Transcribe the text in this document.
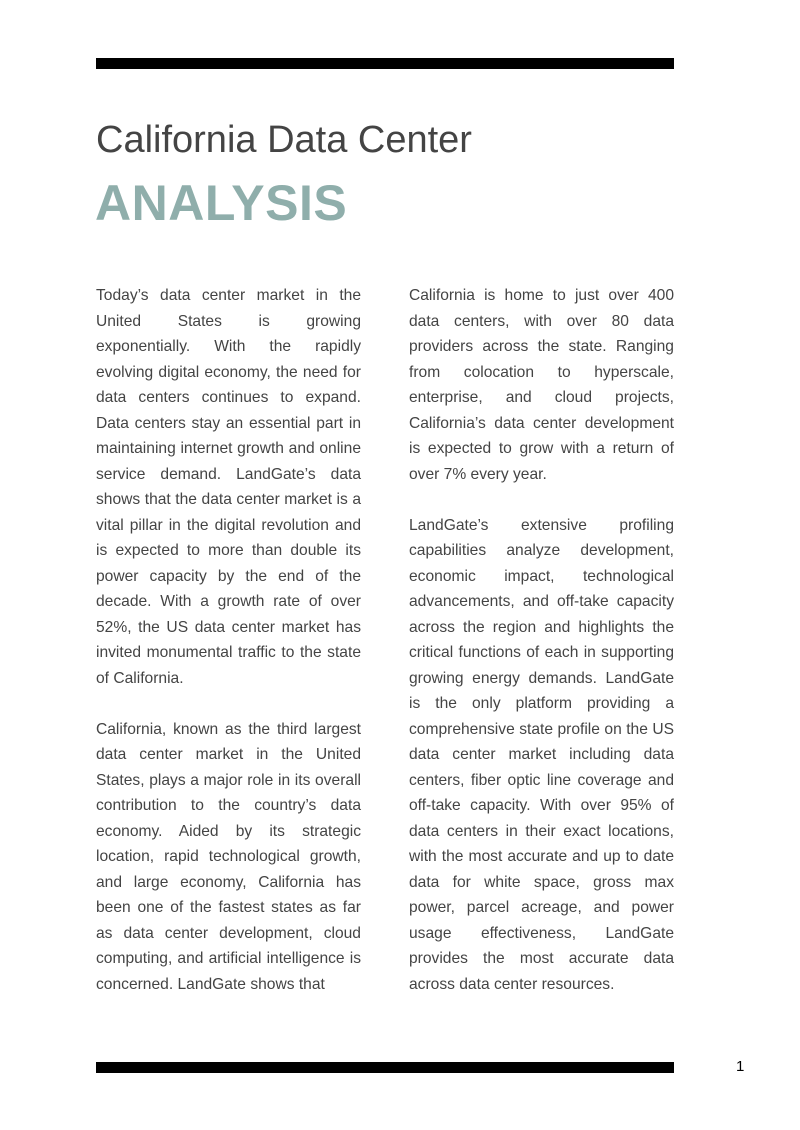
California Data Center
ANALYSIS

Today’s data center market in the United States is growing exponentially. With the rapidly evolving digital economy, the need for data centers continues to expand. Data centers stay an essential part in maintaining internet growth and online service demand. LandGate’s data shows that the data center market is a vital pillar in the digital revolution and is expected to more than double its power capacity by the end of the decade. With a growth rate of over 52%, the US data center market has invited monumental traffic to the state of California.

California, known as the third largest data center market in the United States, plays a major role in its overall contribution to the country’s data economy. Aided by its strategic location, rapid technological growth, and large economy, California has been one of the fastest states as far as data center development, cloud computing, and artificial intelligence is concerned. LandGate shows that

California is home to just over 400 data centers, with over 80 data providers across the state. Ranging from colocation to hyperscale, enterprise, and cloud projects, California’s data center development is expected to grow with a return of over 7% every year.

LandGate’s extensive profiling capabilities analyze development, economic impact, technological advancements, and off-take capacity across the region and highlights the critical functions of each in supporting growing energy demands. LandGate is the only platform providing a comprehensive state profile on the US data center market including data centers, fiber optic line coverage and off-take capacity. With over 95% of data centers in their exact locations, with the most accurate and up to date data for white space, gross max power, parcel acreage, and power usage effectiveness, LandGate provides the most accurate data across data center resources.

1
